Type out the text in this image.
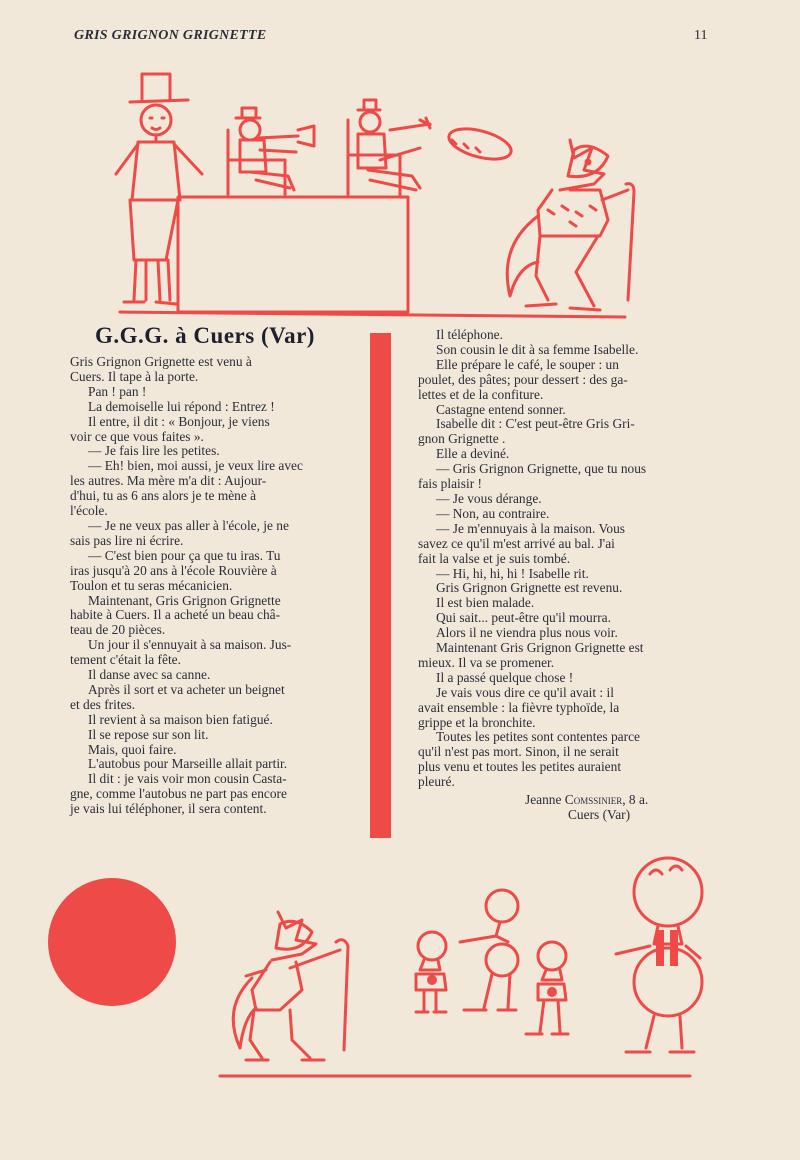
GRIS GRIGNON GRIGNETTE	11
G.G.G. à Cuers (Var)

Gris Grignon Grignette est venu à

Cuers. Il tape à la porte.

Pan ! pan !

La demoiselle lui répond : Entrez !

Il entre, il dit : « Bonjour, je viens

voir ce que vous faites ».

— Je fais lire les petites.

— Eh! bien, moi aussi, je veux lire avec

les autres. Ma mère m'a dit : Aujour-

d'hui, tu as 6 ans alors je te mène à

l'école.

— Je ne veux pas aller à l'école, je ne

sais pas lire ni écrire.

— C'est bien pour ça que tu iras. Tu

iras jusqu'à 20 ans à l'école Rouvière à

Toulon et tu seras mécanicien.

Maintenant, Gris Grignon Grignette

habite à Cuers. Il a acheté un beau châ-

teau de 20 pièces.

Un jour il s'ennuyait à sa maison. Jus-

tement c'était la fête.

Il danse avec sa canne.

Après il sort et va acheter un beignet

et des frites.

Il revient à sa maison bien fatigué.

Il se repose sur son lit.

Mais, quoi faire.

L'autobus pour Marseille allait partir.

Il dit : je vais voir mon cousin Casta-

gne, comme l'autobus ne part pas encore

je vais lui téléphoner, il sera content.

Il téléphone.

Son cousin le dit à sa femme Isabelle.

Elle prépare le café, le souper : un

poulet, des pâtes; pour dessert : des ga-

lettes et de la confiture.

Castagne entend sonner.

Isabelle dit : C'est peut-être Gris Gri-

gnon Grignette .

Elle a deviné.

— Gris Grignon Grignette, que tu nous

fais plaisir !

— Je vous dérange.

— Non, au contraire.

— Je m'ennuyais à la maison. Vous

savez ce qu'il m'est arrivé au bal. J'ai

fait la valse et je suis tombé.

— Hi, hi, hi, hi ! Isabelle rit.

Gris Grignon Grignette est revenu.

Il est bien malade.

Qui sait... peut-être qu'il mourra.

Alors il ne viendra plus nous voir.

Maintenant Gris Grignon Grignette est

mieux. Il va se promener.

Il a passé quelque chose !

Je vais vous dire ce qu'il avait : il

avait ensemble : la fièvre typhoïde, la

grippe et la bronchite.

Toutes les petites sont contentes parce

qu'il n'est pas mort. Sinon, il ne serait

plus venu et toutes les petites auraient

pleuré.

Jeanne Comssinier, 8 a.
Cuers (Var)
